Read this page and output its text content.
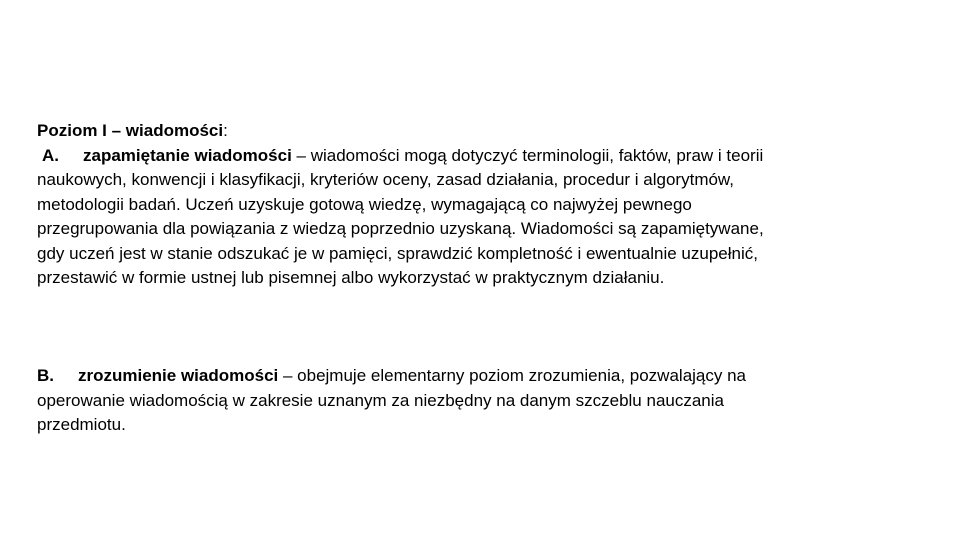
Poziom I – wiadomości:
A. zapamiętanie wiadomości – wiadomości mogą dotyczyć terminologii, faktów, praw i teorii
naukowych, konwencji i klasyfikacji, kryteriów oceny, zasad działania, procedur i algorytmów,
metodologii badań. Uczeń uzyskuje gotową wiedzę, wymagającą co najwyżej pewnego
przegrupowania dla powiązania z wiedzą poprzednio uzyskaną. Wiadomości są zapamiętywane,
gdy uczeń jest w stanie odszukać je w pamięci, sprawdzić kompletność i ewentualnie uzupełnić,
przestawić w formie ustnej lub pisemnej albo wykorzystać w praktycznym działaniu.
B. zrozumienie wiadomości – obejmuje elementarny poziom zrozumienia, pozwalający na
operowanie wiadomością w zakresie uznanym za niezbędny na danym szczeblu nauczania
przedmiotu.
